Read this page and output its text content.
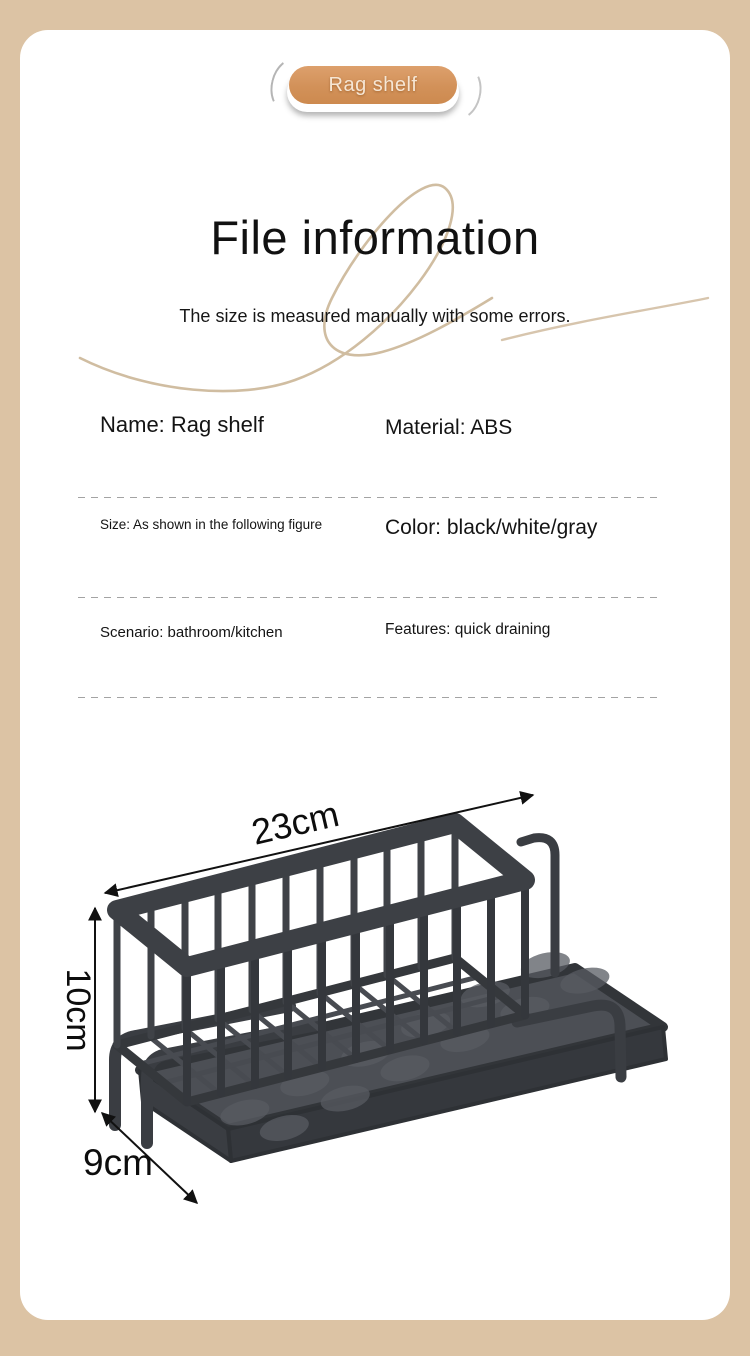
Rag shelf
File information
The size is measured manually with some errors.
Name: Rag shelf	Material: ABS
Size: As shown in the following figure	Color: black/white/gray
Scenario: bathroom/kitchen	Features: quick draining
23cm
10cm
9cm
